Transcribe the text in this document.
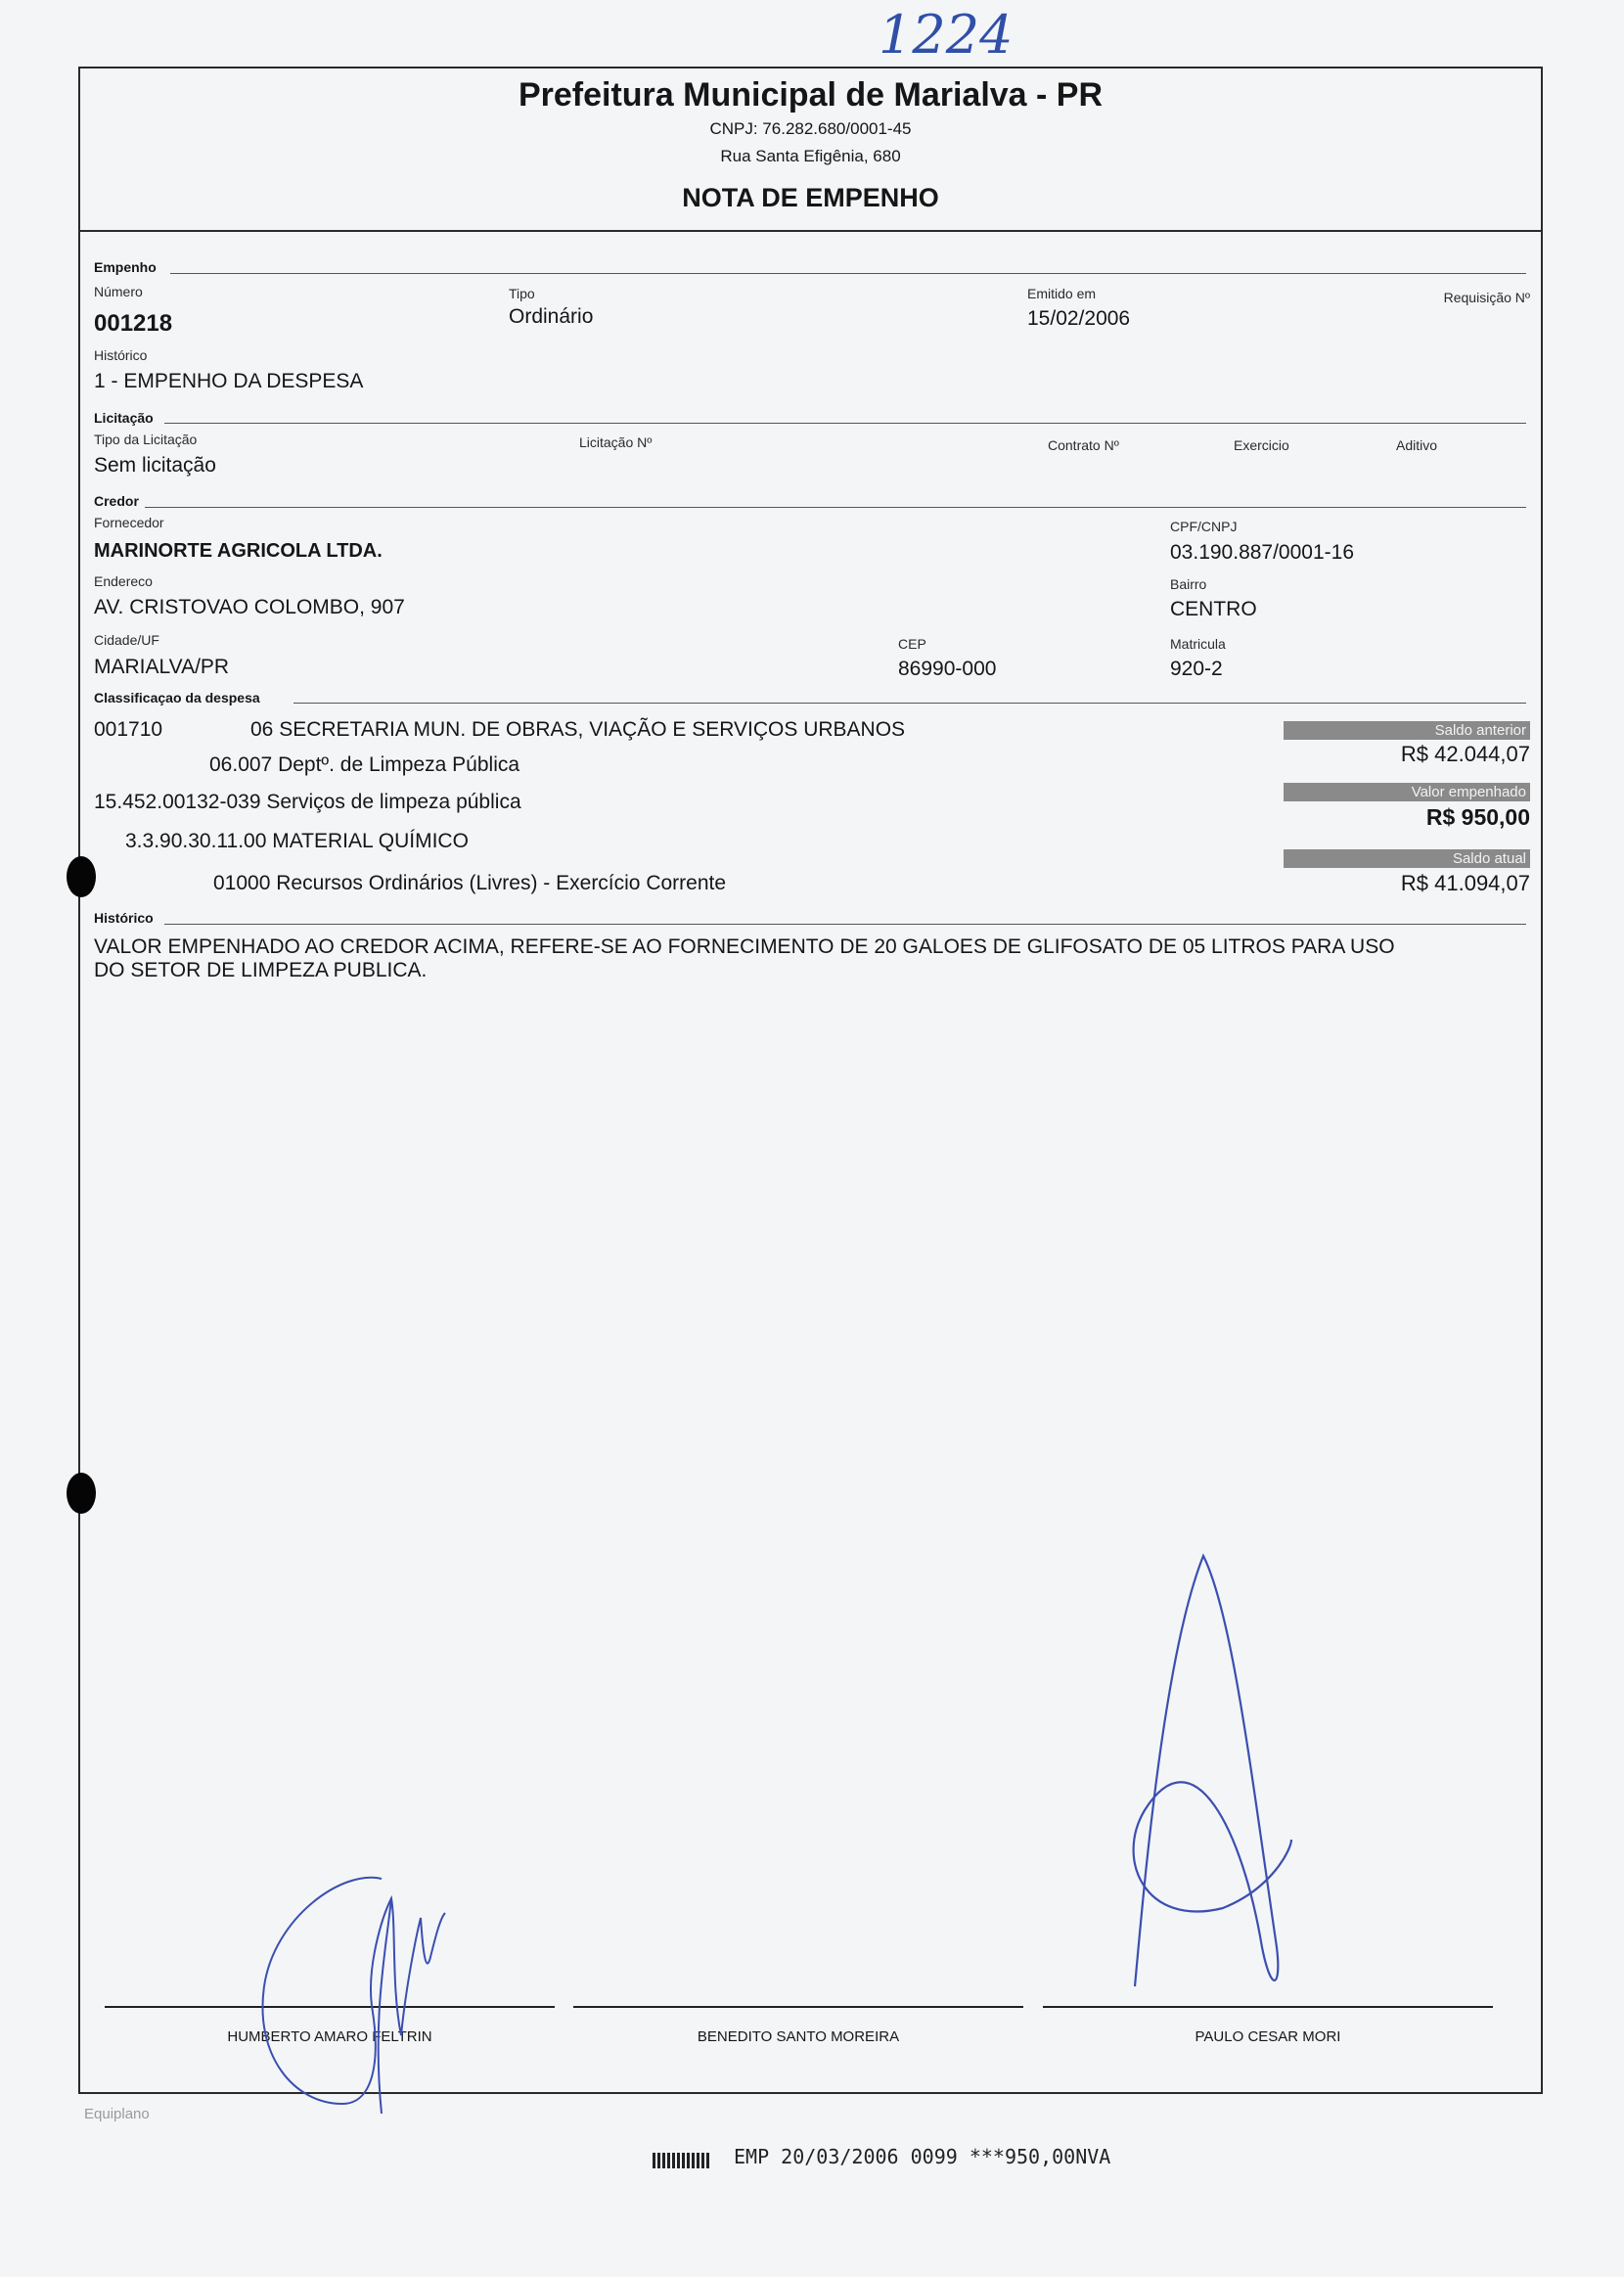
1224
Prefeitura Municipal de Marialva - PR
CNPJ: 76.282.680/0001-45
Rua Santa Efigênia, 680
NOTA DE EMPENHO
Empenho
Número
001218
Tipo
Ordinário
Emitido em
15/02/2006
Requisição Nº
Histórico
1 - EMPENHO DA DESPESA
Licitação
Tipo da Licitação
Sem licitação
Licitação Nº	Contrato Nº	Exercicio	Aditivo
Credor
Fornecedor
MARINORTE AGRICOLA LTDA.
CPF/CNPJ
03.190.887/0001-16
Endereco
AV. CRISTOVAO COLOMBO, 907
Bairro
CENTRO
Cidade/UF
MARIALVA/PR
CEP
86990-000
Matricula
920-2
Classificaçao da despesa
001710	06 SECRETARIA MUN. DE OBRAS, VIAÇÃO E SERVIÇOS URBANOS
06.007 Deptº. de Limpeza Pública
15.452.00132-039 Serviços de limpeza pública
3.3.90.30.11.00 MATERIAL QUÍMICO
01000 Recursos Ordinários (Livres) - Exercício Corrente
Saldo anterior
R$ 42.044,07
Valor empenhado
R$ 950,00
Saldo atual
R$ 41.094,07
Histórico
VALOR EMPENHADO AO CREDOR ACIMA, REFERE-SE AO FORNECIMENTO DE 20 GALOES DE GLIFOSATO DE 05 LITROS PARA USO
DO SETOR DE LIMPEZA PUBLICA.
HUMBERTO AMARO FELTRIN	BENEDITO SANTO MOREIRA	PAULO CESAR MORI
Equiplano
EMP 20/03/2006 0099 ***950,00NVA
